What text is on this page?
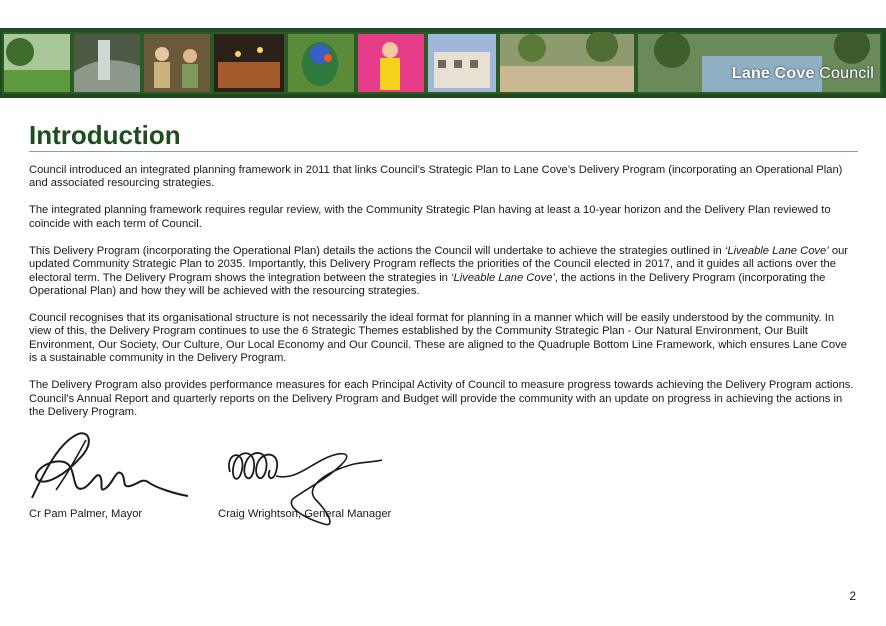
Lane Cove Council
Introduction

Council introduced an integrated planning framework in 2011 that links Council’s Strategic Plan to Lane Cove’s Delivery Program (incorporating an Operational Plan) and associated resourcing strategies.

The integrated planning framework requires regular review, with the Community Strategic Plan having at least a 10-year horizon and the Delivery Plan reviewed to coincide with each term of Council.

This Delivery Program (incorporating the Operational Plan) details the actions the Council will undertake to achieve the strategies outlined in ‘Liveable Lane Cove’ our updated Community Strategic Plan to 2035. Importantly, this Delivery Program reflects the priorities of the Council elected in 2017, and it guides all actions over the electoral term. The Delivery Program shows the integration between the strategies in ‘Liveable Lane Cove’, the actions in the Delivery Program (incorporating the Operational Plan) and how they will be achieved with the resourcing strategies.

Council recognises that its organisational structure is not necessarily the ideal format for planning in a manner which will be easily understood by the community. In view of this, the Delivery Program continues to use the 6 Strategic Themes established by the Community Strategic Plan - Our Natural Environment, Our Built Environment, Our Society, Our Culture, Our Local Economy and Our Council. These are aligned to the Quadruple Bottom Line Framework, which ensures Lane Cove is a sustainable community in the Delivery Program.

The Delivery Program also provides performance measures for each Principal Activity of Council to measure progress towards achieving the Delivery Program actions. Council’s Annual Report and quarterly reports on the Delivery Program and Budget will provide the community with an update on progress in achieving the actions in the Delivery Program.

Cr Pam Palmer, Mayor	Craig Wrightson, General Manager
2
